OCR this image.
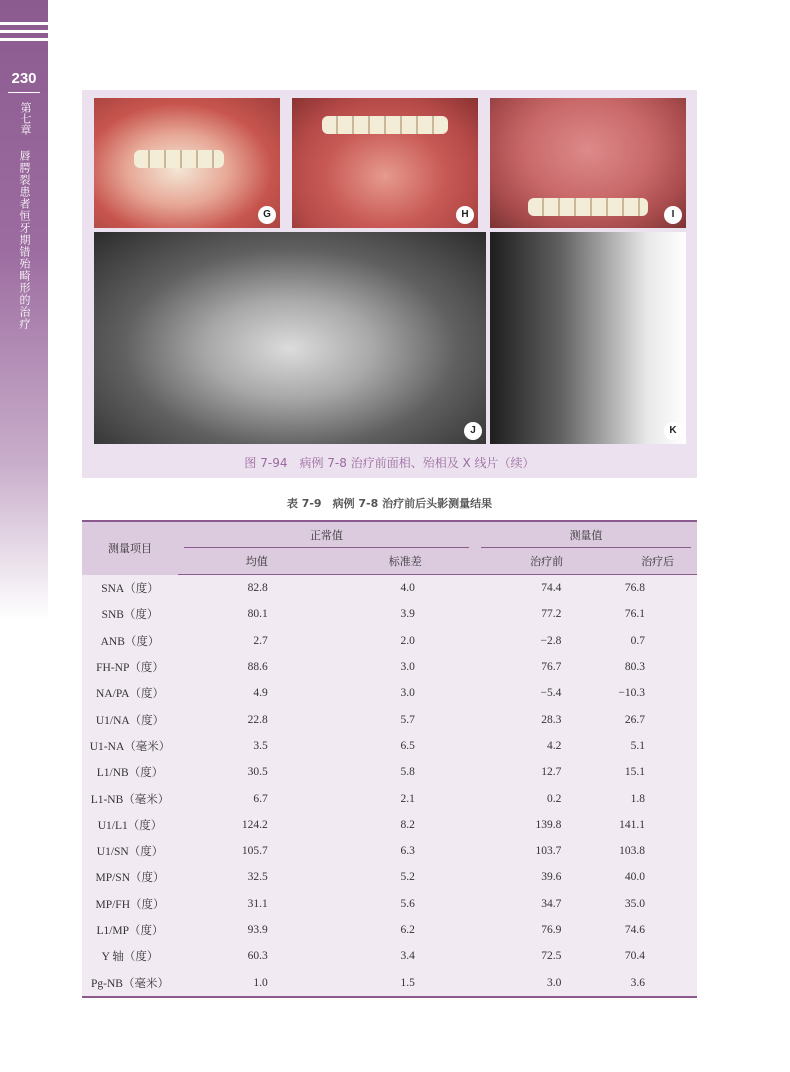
230
第七章
唇腭裂患者恒牙期错殆畸形的治疗	G	H	I
J	K
图 7-94　病例 7-8 治疗前面相、殆相及 X 线片（续）
表 7-9　病例 7-8 治疗前后头影测量结果
测量项目	正常值		测量值	
	均值	标准差	治疗前	治疗后
SNA（度）	82.8	4.0	74.4	76.8
SNB（度）	80.1	3.9	77.2	76.1
ANB（度）	2.7	2.0	−2.8	0.7
FH-NP（度）	88.6	3.0	76.7	80.3
NA/PA（度）	4.9	3.0	−5.4	−10.3
U1/NA（度）	22.8	5.7	28.3	26.7
U1-NA（毫米）	3.5	6.5	4.2	5.1
L1/NB（度）	30.5	5.8	12.7	15.1
L1-NB（毫米）	6.7	2.1	0.2	1.8
U1/L1（度）	124.2	8.2	139.8	141.1
U1/SN（度）	105.7	6.3	103.7	103.8
MP/SN（度）	32.5	5.2	39.6	40.0
MP/FH（度）	31.1	5.6	34.7	35.0
L1/MP（度）	93.9	6.2	76.9	74.6
Y 轴（度）	60.3	3.4	72.5	70.4
Pg-NB（毫米）	1.0	1.5	3.0	3.6
